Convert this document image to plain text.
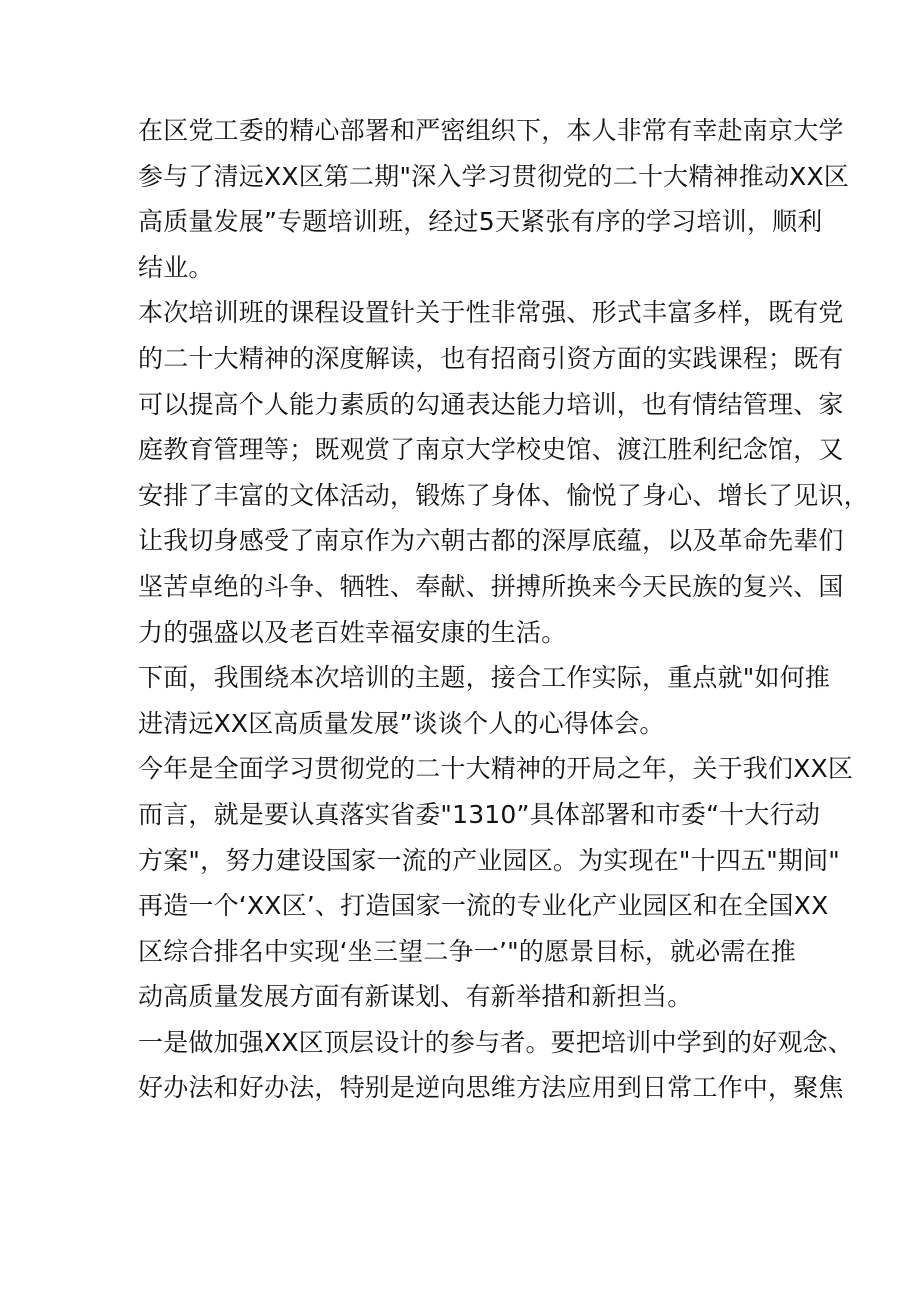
在区党工委的精心部署和严密组织下，本人非常有幸赴南京大学
参与了清远XX区第二期"深入学习贯彻党的二十大精神推动XX区
高质量发展”专题培训班，经过5天紧张有序的学习培训，顺利
结业。

本次培训班的课程设置针关于性非常强、形式丰富多样，既有党
的二十大精神的深度解读，也有招商引资方面的实践课程；既有
可以提高个人能力素质的勾通表达能力培训，也有情结管理、家
庭教育管理等；既观赏了南京大学校史馆、渡江胜利纪念馆，又
安排了丰富的文体活动，锻炼了身体、愉悦了身心、增长了见识，
让我切身感受了南京作为六朝古都的深厚底蕴，以及革命先辈们
坚苦卓绝的斗争、牺牲、奉献、拼搏所换来今天民族的复兴、国
力的强盛以及老百姓幸福安康的生活。

下面，我围绕本次培训的主题，接合工作实际，重点就"如何推
进清远XX区高质量发展”谈谈个人的心得体会。

今年是全面学习贯彻党的二十大精神的开局之年，关于我们XX区
而言，就是要认真落实省委"1310”具体部署和市委“十大行动
方案"，努力建设国家一流的产业园区。为实现在"十四五"期间"
再造一个‘XX区’、打造国家一流的专业化产业园区和在全国XX
区综合排名中实现‘坐三望二争一’"的愿景目标，就必需在推
动高质量发展方面有新谋划、有新举措和新担当。

一是做加强XX区顶层设计的参与者。要把培训中学到的好观念、
好办法和好办法，特别是逆向思维方法应用到日常工作中，聚焦
